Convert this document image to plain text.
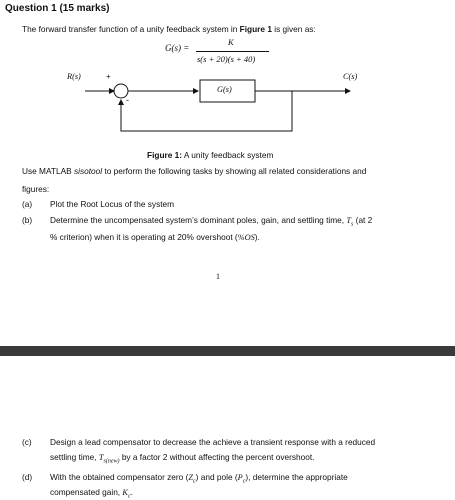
Question 1 (15 marks)
The forward transfer function of a unity feedback system in Figure 1 is given as:
G(s) =
K
s(s + 20)(s + 40)
R(s)	+
-
G(s)
C(s)
Figure 1: A unity feedback system
Use MATLAB sisotool to perform the following tasks by showing all related considerations and
figures:
(a) Plot the Root Locus of the system
(b) Determine the uncompensated system’s dominant poles, gain, and settling time, $T_s$ (at 2
% criterion) when it is operating at 20% overshoot (%OS).
1
(c) Design a lead compensator to decrease the achieve a transient response with a reduced
settling time, $T_{s(new)}$ by a factor 2 without affecting the percent overshoot.
(d) With the obtained compensator zero $(Z_c)$ and pole $(P_c)$, determine the appropriate
compensated gain, $K_c$.
